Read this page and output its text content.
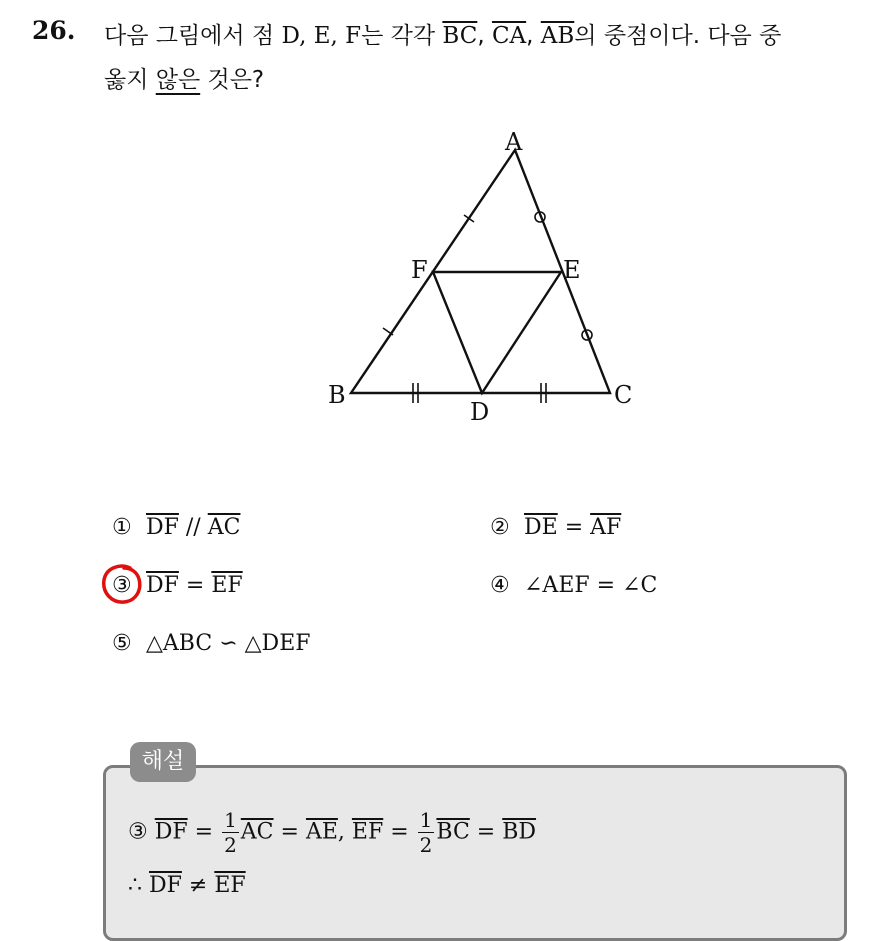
26. 다음 그림에서 점 D, E, F는 각각 $\overline{BC}$, $\overline{CA}$, $\overline{AB}$의 중점이다. 다음 중
옳지 않은 것은?
A
B	C
D
E
F
① $\overline{DF} // \overline{AC}$	② $\overline{DE} = \overline{AF}$
③ $\overline{DF} = \overline{EF}$	④ ∠AEF = ∠C
⑤ △ABC ∽ △DEF
해설
③ $\overline{DF} = \frac{1}{2} \overline{AC} = \overline{AE}$, $\overline{EF} = \frac{1}{2} \overline{BC} = \overline{BD}$
∴ $\overline{DF} \ne \overline{EF}$
